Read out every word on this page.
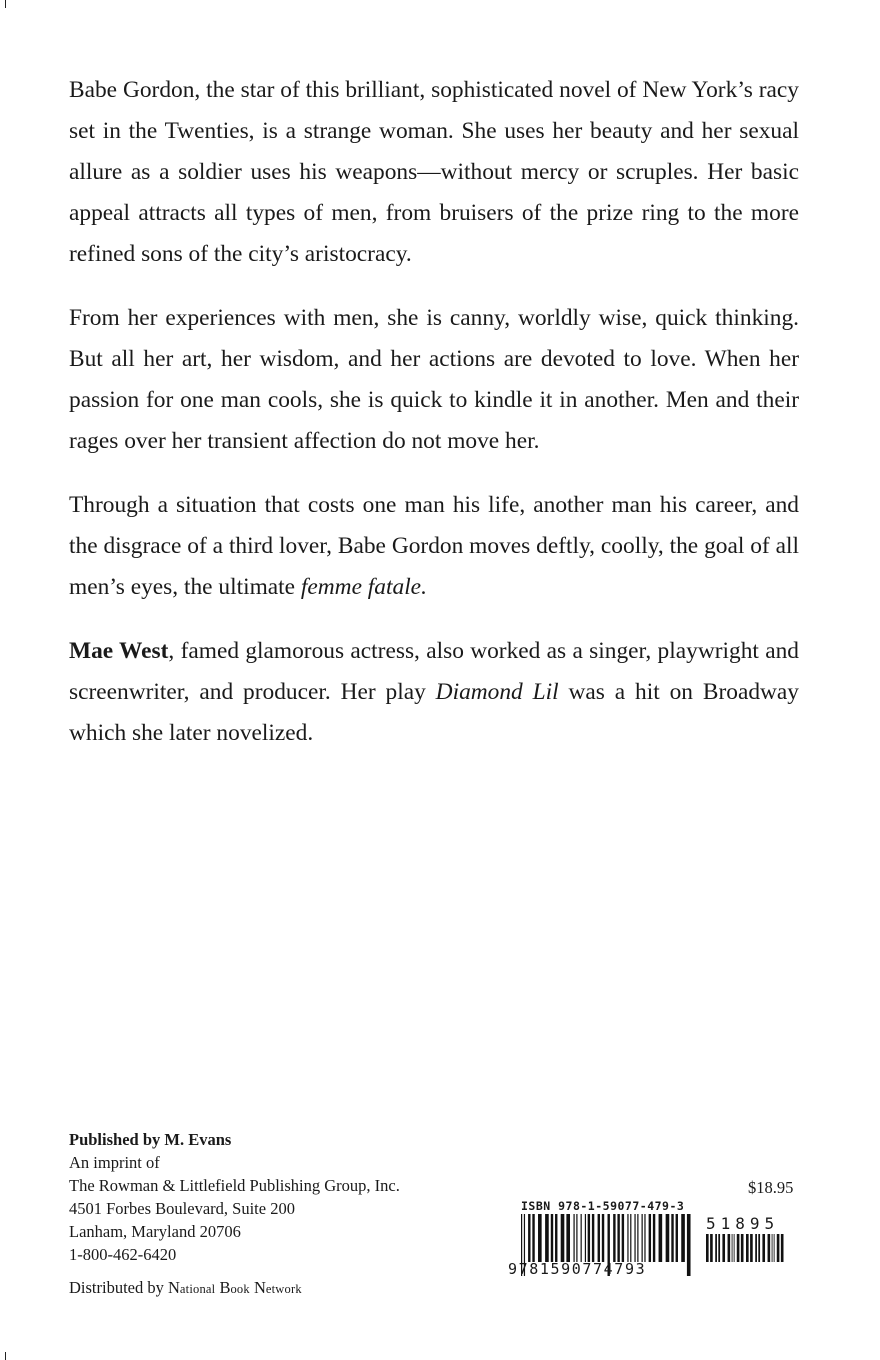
Babe Gordon, the star of this brilliant, sophisticated novel of New York’s racy set in the Twenties, is a strange woman. She uses her beauty and her sexual allure as a soldier uses his weapons—without mercy or scruples. Her basic appeal attracts all types of men, from bruisers of the prize ring to the more refined sons of the city’s aristocracy.

From her experiences with men, she is canny, worldly wise, quick thinking. But all her art, her wisdom, and her actions are devoted to love. When her passion for one man cools, she is quick to kindle it in another. Men and their rages over her transient affection do not move her.

Through a situation that costs one man his life, another man his career, and the disgrace of a third lover, Babe Gordon moves deftly, coolly, the goal of all men’s eyes, the ultimate femme fatale.

Mae West, famed glamorous actress, also worked as a singer, playwright and screenwriter, and producer. Her play Diamond Lil was a hit on Broadway which she later novelized.

Published by M. Evans
An imprint of
The Rowman & Littlefield Publishing Group, Inc.
4501 Forbes Boulevard, Suite 200
Lanham, Maryland 20706
1-800-462-6420
Distributed by National Book Network
$18.95
ISBN 978-1-59077-479-3
9781590774793
51895
